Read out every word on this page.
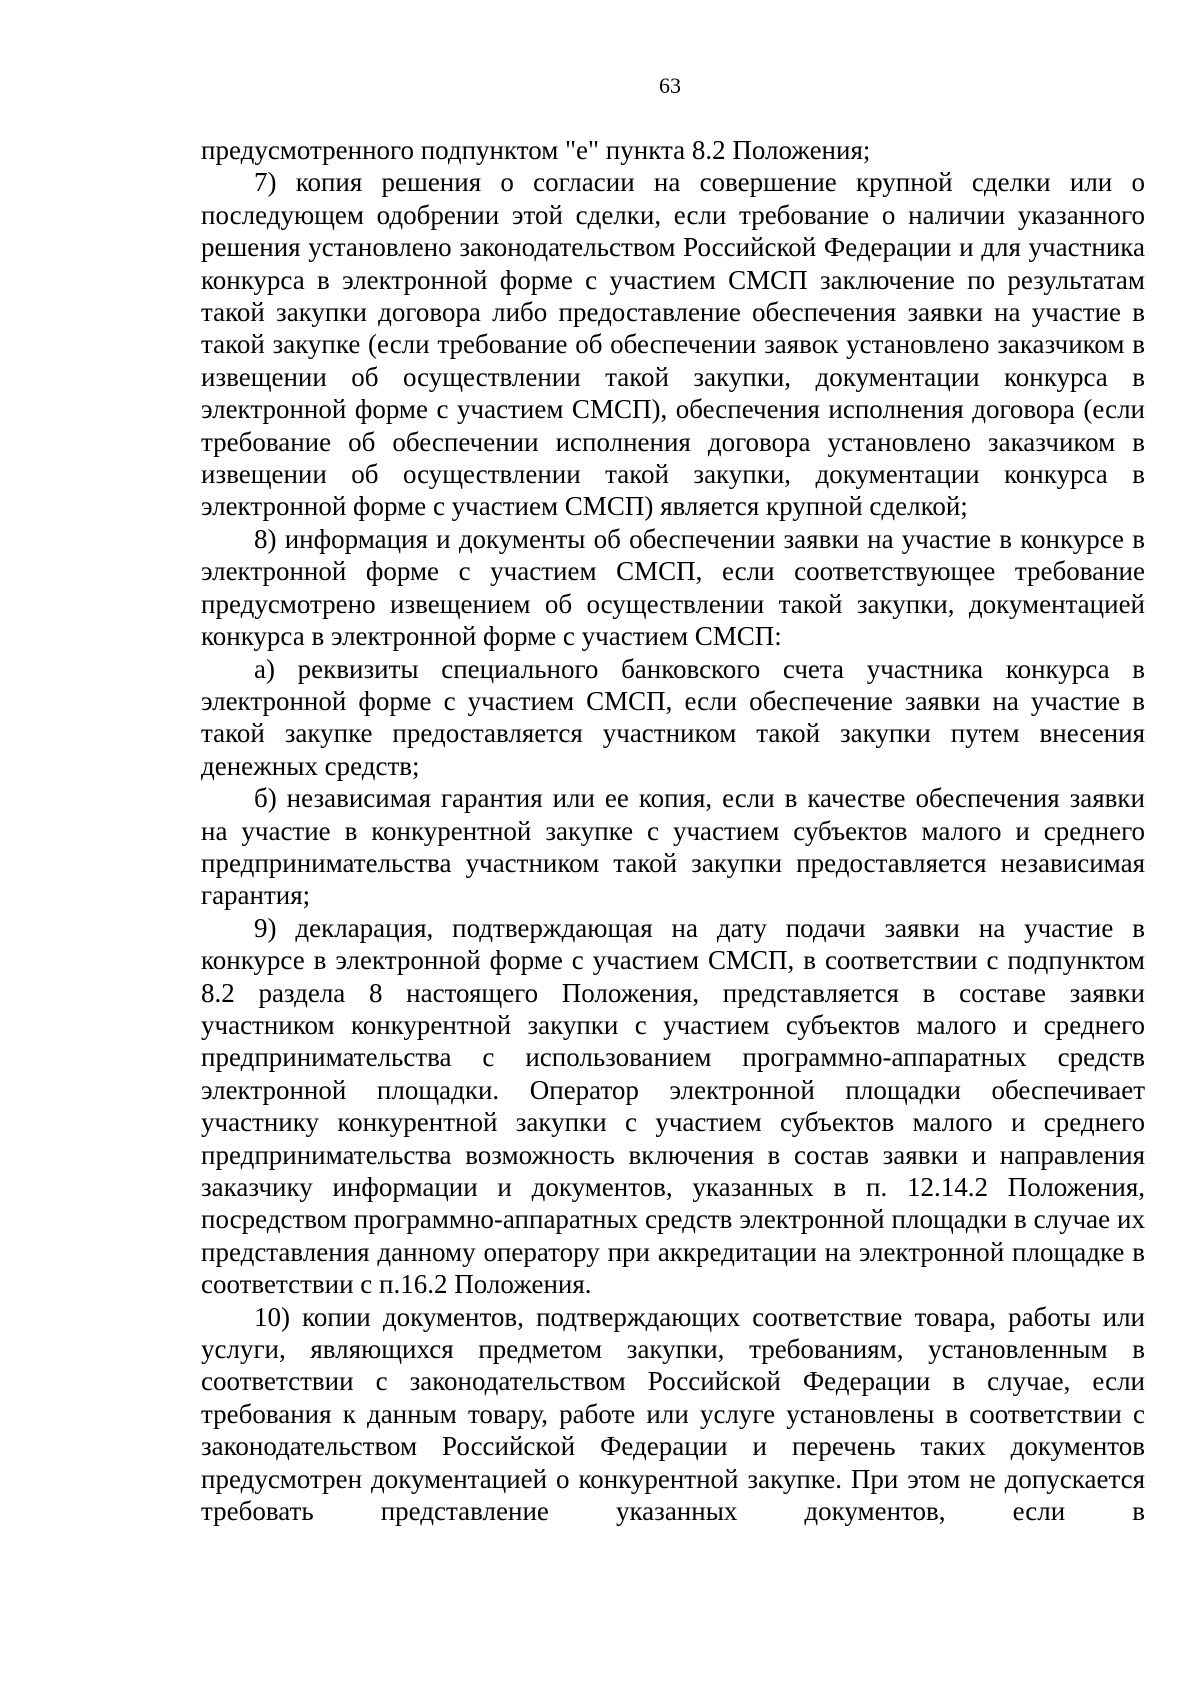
63

предусмотренного подпунктом "е" пункта 8.2 Положения;

7) копия решения о согласии на совершение крупной сделки или о последующем одобрении этой сделки, если требование о наличии указанного решения установлено законодательством Российской Федерации и для участника конкурса в электронной форме с участием СМСП заключение по результатам такой закупки договора либо предоставление обеспечения заявки на участие в такой закупке (если требование об обеспечении заявок установлено заказчиком в извещении об осуществлении такой закупки, документации конкурса в электронной форме с участием СМСП), обеспечения исполнения договора (если требование об обеспечении исполнения договора установлено заказчиком в извещении об осуществлении такой закупки, документации конкурса в электронной форме с участием СМСП) является крупной сделкой;

8) информация и документы об обеспечении заявки на участие в конкурсе в электронной форме с участием СМСП, если соответствующее требование предусмотрено извещением об осуществлении такой закупки, документацией конкурса в электронной форме с участием СМСП:

а) реквизиты специального банковского счета участника конкурса в электронной форме с участием СМСП, если обеспечение заявки на участие в такой закупке предоставляется участником такой закупки путем внесения денежных средств;

б) независимая гарантия или ее копия, если в качестве обеспечения заявки на участие в конкурентной закупке с участием субъектов малого и среднего предпринимательства участником такой закупки предоставляется независимая гарантия;

9) декларация, подтверждающая на дату подачи заявки на участие в конкурсе в электронной форме с участием СМСП, в соответствии с подпунктом 8.2 раздела 8 настоящего Положения, представляется в составе заявки участником конкурентной закупки с участием субъектов малого и среднего предпринимательства с использованием программно-аппаратных средств электронной площадки. Оператор электронной площадки обеспечивает участнику конкурентной закупки с участием субъектов малого и среднего предпринимательства возможность включения в состав заявки и направления заказчику информации и документов, указанных в п. 12.14.2 Положения, посредством программно-аппаратных средств электронной площадки в случае их представления данному оператору при аккредитации на электронной площадке в соответствии с п.16.2 Положения.

10) копии документов, подтверждающих соответствие товара, работы или услуги, являющихся предметом закупки, требованиям, установленным в соответствии с законодательством Российской Федерации в случае, если требования к данным товару, работе или услуге установлены в соответствии с законодательством Российской Федерации и перечень таких документов предусмотрен документацией о конкурентной закупке. При этом не допускается требовать представление указанных документов, если в
